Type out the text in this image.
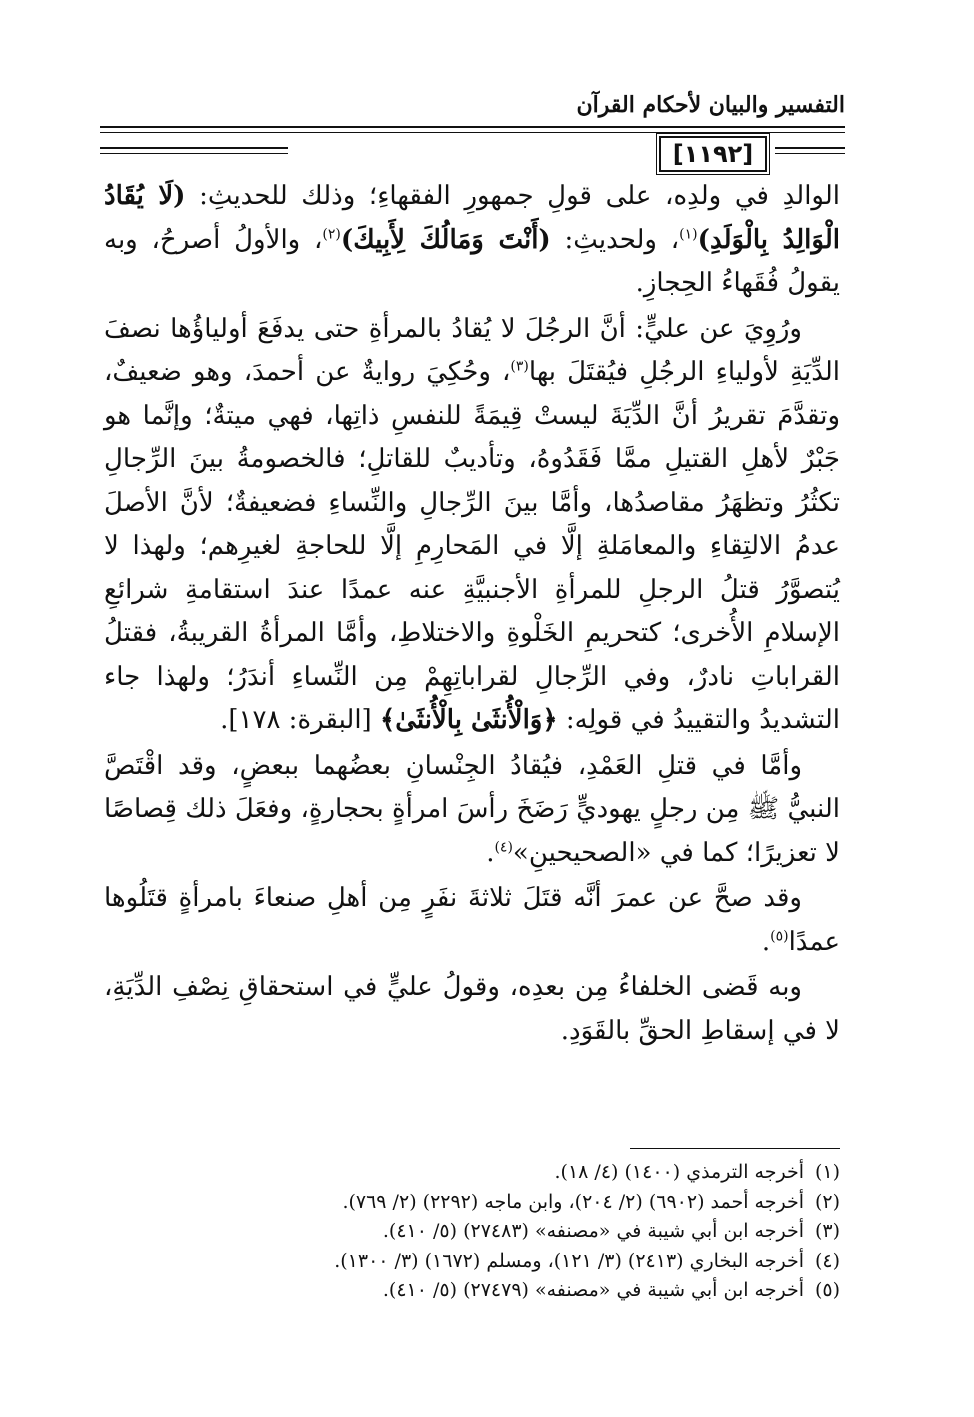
التفسير والبيان لأحكام القرآن
[١١٩٢]

الوالدِ في ولدِه، على قولِ جمهورِ الفقهاءِ؛ وذلك للحديثِ: (لَا يُقَادُ الْوَالِدُ بِالْوَلَدِ)$^{(١)}$، ولحديثِ: (أَنْتَ وَمَالُكَ لِأَبِيكَ)$^{(٢)}$، والأولُ أصرحُ، وبه يقولُ فُقَهاءُ الحِجازِ.

ورُوِيَ عن عليٍّ: أنَّ الرجُلَ لا يُقادُ بالمرأةِ حتى يدفَعَ أولياؤُها نصفَ الدِّيَةِ لأولياءِ الرجُلِ فيُقتَلَ بها$^{(٣)}$، وحُكِيَ روايةٌ عن أحمدَ، وهو ضعيفٌ، وتقدَّمَ تقريرُ أنَّ الدِّيَةَ ليستْ قِيمَةً للنفسِ ذاتِها، فهي ميتةٌ؛ وإنَّما هو جَبْرٌ لأهلِ القتيلِ ممَّا فَقَدُوهُ، وتأديبٌ للقاتلِ؛ فالخصومةُ بينَ الرِّجالِ تكثُرُ وتظهَرُ مقاصدُها، وأمَّا بينَ الرِّجالِ والنِّساءِ فضعيفةٌ؛ لأنَّ الأصلَ عدمُ الالتِقاءِ والمعامَلةِ إلَّا في المَحارِمِ إلَّا للحاجةِ لغيرِهم؛ ولهذا لا يُتصوَّرُ قتلُ الرجلِ للمرأةِ الأجنبيَّةِ عنه عمدًا عندَ استقامةِ شرائعِ الإسلامِ الأُخرى؛ كتحريمِ الخَلْوةِ والاختلاطِ، وأمَّا المرأةُ القريبةُ، فقتلُ القراباتِ نادرٌ، وفي الرِّجالِ لقراباتِهِمْ مِن النِّساءِ أندَرُ؛ ولهذا جاء التشديدُ والتقييدُ في قولِه: ﴿وَالْأُنثَىٰ بِالْأُنثَىٰ﴾ [البقرة: ١٧٨].

وأمَّا في قتلِ العَمْدِ، فيُقادُ الجِنْسانِ بعضُهما ببعضٍ، وقد اقْتَصَّ النبيُّ ﷺ مِن رجلٍ يهوديٍّ رَضَخَ رأسَ امرأةٍ بحجارةٍ، وفعَلَ ذلك قِصاصًا لا تعزيرًا؛ كما في «الصحيحينِ»$^{(٤)}$.

وقد صحَّ عن عمرَ أنَّه قتَلَ ثلاثةَ نفَرٍ مِن أهلِ صنعاءَ بامرأةٍ قتَلُوها عمدًا$^{(٥)}$.

وبه قَضى الخلفاءُ مِن بعدِه، وقولُ عليٍّ في استحقاقِ نِصْفِ الدِّيَةِ، لا في إسقاطِ الحقِّ بالقَوَدِ.

(١)أخرجه الترمذي (١٤٠٠) (٤/ ١٨).

(٢)أخرجه أحمد (٦٩٠٢) (٢/ ٢٠٤)، وابن ماجه (٢٢٩٢) (٢/ ٧٦٩).

(٣)أخرجه ابن أبي شيبة في «مصنفه» (٢٧٤٨٣) (٥/ ٤١٠).

(٤)أخرجه البخاري (٢٤١٣) (٣/ ١٢١)، ومسلم (١٦٧٢) (٣/ ١٣٠٠).

(٥)أخرجه ابن أبي شيبة في «مصنفه» (٢٧٤٧٩) (٥/ ٤١٠).
